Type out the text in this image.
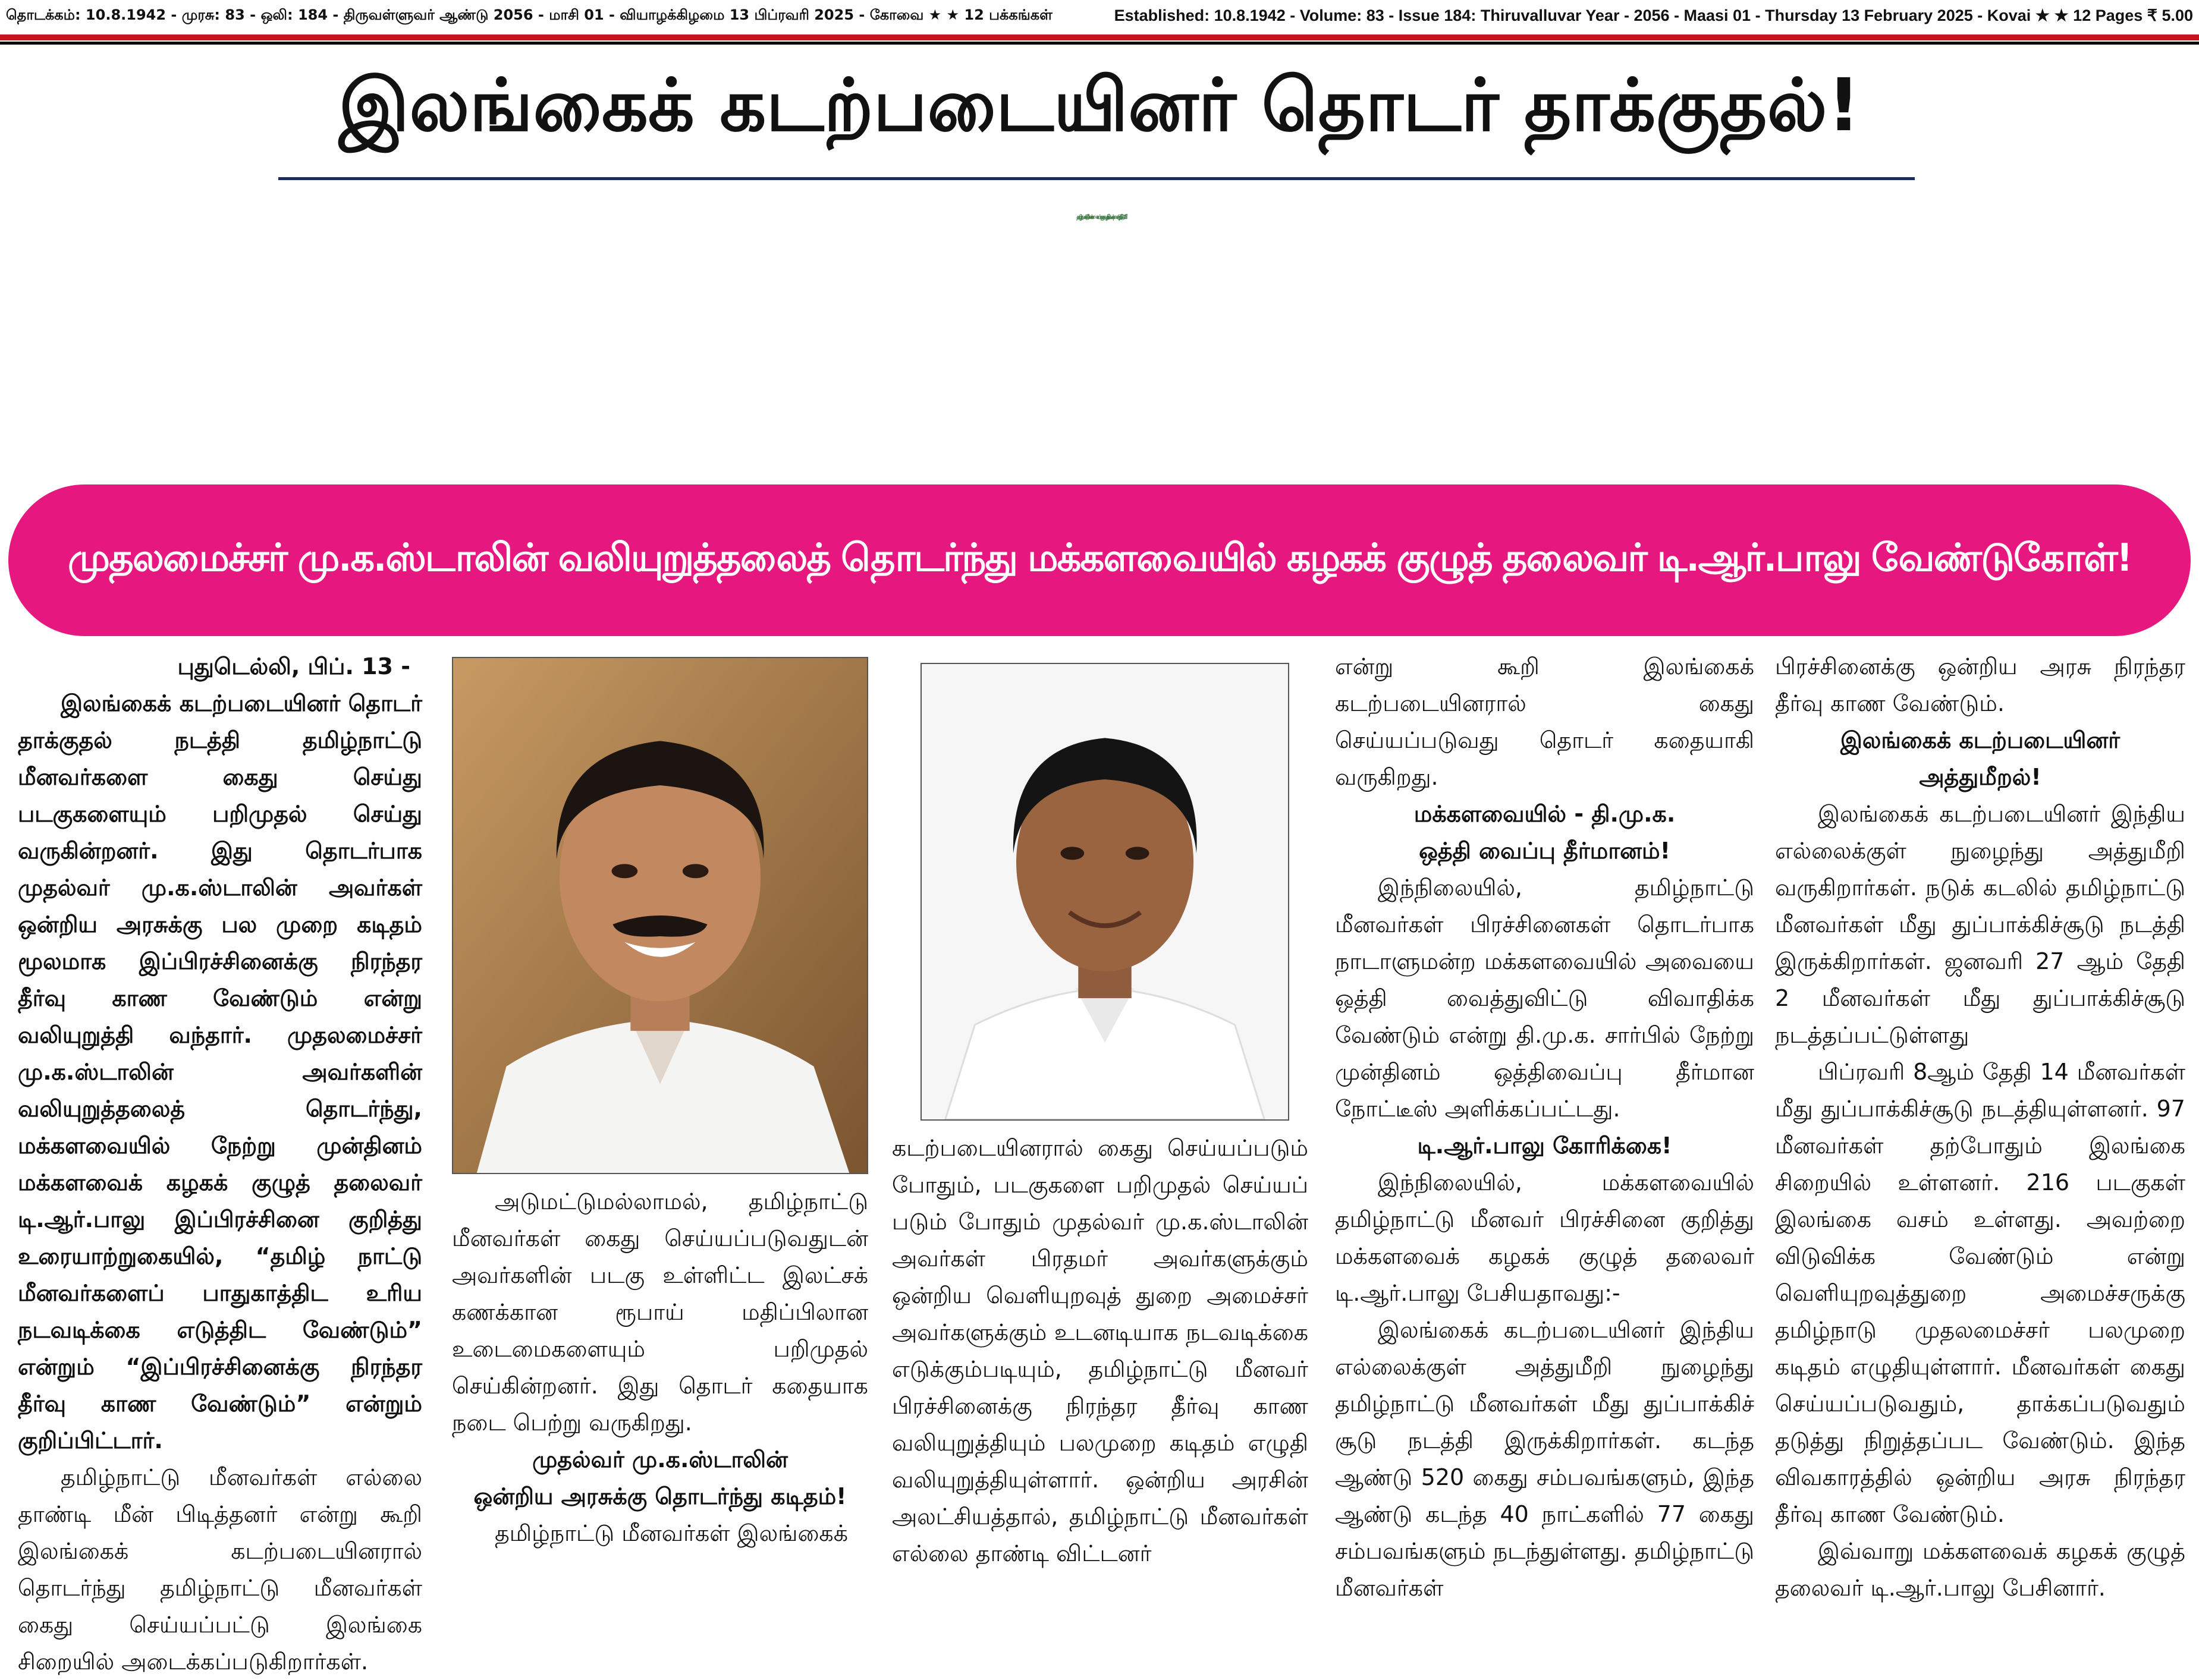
தொடக்கம்: 10.8.1942 - முரசு: 83 - ஒலி: 184 - திருவள்ளுவர் ஆண்டு 2056 - மாசி 01 - வியாழக்கிழமை 13 பிப்ரவரி 2025 - கோவை ★ ★ 12 பக்கங்கள்	Established: 10.8.1942 - Volume: 83 - Issue 184: Thiruvalluvar Year - 2056 - Maasi 01 - Thursday 13 February 2025 - Kovai ★ ★ 12 Pages ₹ 5.00
இலங்கைக் கடற்படையினர் தொடர் தாக்குதல்!
தமிழ்நாட்டு மீனவர்களைப் பாதுகாத்திட நடவடிக்கை எடுத்திடுவீர்!
முதலமைச்சர் மு.க.ஸ்டாலின் வலியுறுத்தலைத் தொடர்ந்து மக்களவையில் கழகக் குழுத் தலைவர் டி.ஆர்.பாலு வேண்டுகோள்!

புதுடெல்லி, பிப். 13 -

இலங்கைக் கடற்படையினர் தொடர் தாக்குதல் நடத்தி தமிழ்நாட்டு மீனவர்களை கைது செய்து படகுகளையும் பறிமுதல் செய்து வருகின்றனர். இது தொடர்பாக முதல்வர் மு.க.ஸ்டாலின் அவர்கள் ஒன்றிய அரசுக்கு பல முறை கடிதம் மூலமாக இப்பிரச்சினைக்கு நிரந்தர தீர்வு காண வேண்டும் என்று வலியுறுத்தி வந்தார். முதலமைச்சர் மு.க.ஸ்டாலின் அவர்களின் வலியுறுத்தலைத் தொடர்ந்து, மக்களவையில் நேற்று முன்தினம் மக்களவைக் கழகக் குழுத் தலைவர் டி.ஆர்.பாலு இப்பிரச்சினை குறித்து உரையாற்றுகையில், “தமிழ் நாட்டு மீனவர்களைப் பாதுகாத்திட உரிய நடவடிக்கை எடுத்திட வேண்டும்” என்றும் “இப்பிரச்சினைக்கு நிரந்தர தீர்வு காண வேண்டும்” என்றும் குறிப்பிட்டார்.

தமிழ்நாட்டு மீனவர்கள் எல்லை தாண்டி மீன் பிடித்தனர் என்று கூறி இலங்கைக் கடற்படையினரால் தொடர்ந்து தமிழ்நாட்டு மீனவர்கள் கைது செய்யப்பட்டு இலங்கை சிறையில் அடைக்கப்படுகிறார்கள்.

அடுமட்டுமல்லாமல், தமிழ்நாட்டு மீனவர்கள் கைது செய்யப்படுவதுடன் அவர்களின் படகு உள்ளிட்ட இலட்சக் கணக்கான ரூபாய் மதிப்பிலான உடைமைகளையும் பறிமுதல் செய்கின்றனர். இது தொடர் கதையாக நடை பெற்று வருகிறது.

முதல்வர் மு.க.ஸ்டாலின்

ஒன்றிய அரசுக்கு தொடர்ந்து கடிதம்!

தமிழ்நாட்டு மீனவர்கள் இலங்கைக்

கடற்படையினரால் கைது செய்யப்படும் போதும், படகுகளை பறிமுதல் செய்யப் படும் போதும் முதல்வர் மு.க.ஸ்டாலின் அவர்கள் பிரதமர் அவர்களுக்கும் ஒன்றிய வெளியுறவுத் துறை அமைச்சர் அவர்களுக்கும் உடனடியாக நடவடிக்கை எடுக்கும்படியும், தமிழ்நாட்டு மீனவர் பிரச்சினைக்கு நிரந்தர தீர்வு காண வலியுறுத்தியும் பலமுறை கடிதம் எழுதி வலியுறுத்தியுள்ளார். ஒன்றிய அரசின் அலட்சியத்தால், தமிழ்நாட்டு மீனவர்கள் எல்லை தாண்டி விட்டனர்

என்று கூறி இலங்கைக் கடற்படையினரால் கைது செய்யப்படுவது தொடர் கதையாகி வருகிறது.

மக்களவையில் - தி.மு.க.

ஒத்தி வைப்பு தீர்மானம்!

இந்நிலையில், தமிழ்நாட்டு மீனவர்கள் பிரச்சினைகள் தொடர்பாக நாடாளுமன்ற மக்களவையில் அவையை ஒத்தி வைத்துவிட்டு விவாதிக்க வேண்டும் என்று தி.மு.க. சார்பில் நேற்று முன்தினம் ஒத்திவைப்பு தீர்மான நோட்டீஸ் அளிக்கப்பட்டது.

டி.ஆர்.பாலு கோரிக்கை!

இந்நிலையில், மக்களவையில் தமிழ்நாட்டு மீனவர் பிரச்சினை குறித்து மக்களவைக் கழகக் குழுத் தலைவர் டி.ஆர்.பாலு பேசியதாவது:-

இலங்கைக் கடற்படையினர் இந்திய எல்லைக்குள் அத்துமீறி நுழைந்து தமிழ்நாட்டு மீனவர்கள் மீது துப்பாக்கிச் சூடு நடத்தி இருக்கிறார்கள். கடந்த ஆண்டு 520 கைது சம்பவங்களும், இந்த ஆண்டு கடந்த 40 நாட்களில் 77 கைது சம்பவங்களும் நடந்துள்ளது. தமிழ்நாட்டு மீனவர்கள்

பிரச்சினைக்கு ஒன்றிய அரசு நிரந்தர தீர்வு காண வேண்டும்.

இலங்கைக் கடற்படையினர்

அத்துமீறல்!

இலங்கைக் கடற்படையினர் இந்திய எல்லைக்குள் நுழைந்து அத்துமீறி வருகிறார்கள். நடுக் கடலில் தமிழ்நாட்டு மீனவர்கள் மீது துப்பாக்கிச்சூடு நடத்தி இருக்கிறார்கள். ஜனவரி 27 ஆம் தேதி 2 மீனவர்கள் மீது துப்பாக்கிச்சூடு நடத்தப்பட்டுள்ளது

பிப்ரவரி 8ஆம் தேதி 14 மீனவர்கள் மீது துப்பாக்கிச்சூடு நடத்தியுள்ளனர். 97 மீனவர்கள் தற்போதும் இலங்கை சிறையில் உள்ளனர். 216 படகுகள் இலங்கை வசம் உள்ளது. அவற்றை விடுவிக்க வேண்டும் என்று வெளியுறவுத்துறை அமைச்சருக்கு தமிழ்நாடு முதலமைச்சர் பலமுறை கடிதம் எழுதியுள்ளார். மீனவர்கள் கைது செய்யப்படுவதும், தாக்கப்படுவதும் தடுத்து நிறுத்தப்பட வேண்டும். இந்த விவகாரத்தில் ஒன்றிய அரசு நிரந்தர தீர்வு காண வேண்டும்.

இவ்வாறு மக்களவைக் கழகக் குழுத் தலைவர் டி.ஆர்.பாலு பேசினார்.
